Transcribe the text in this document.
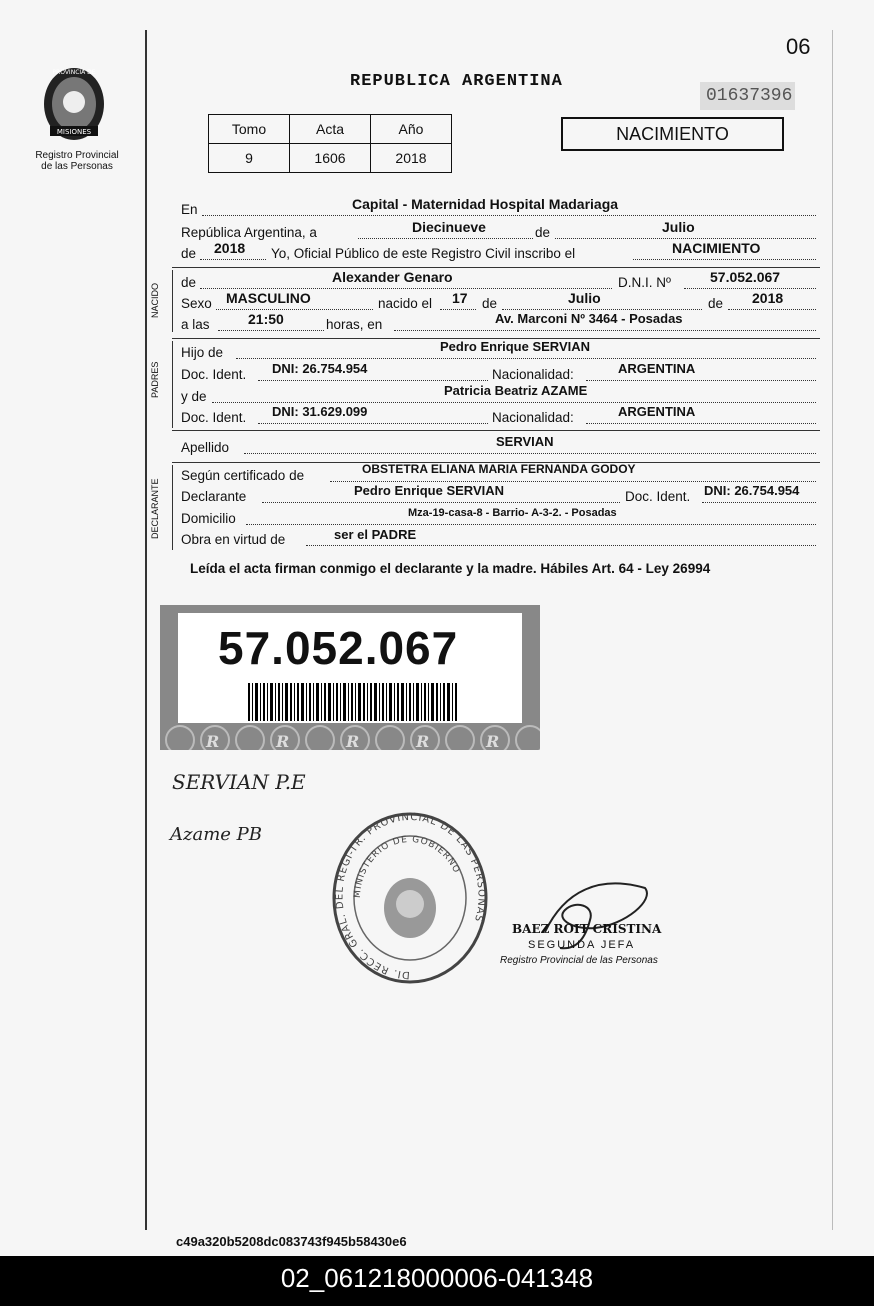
PROVINCIA DE
MISIONES
Registro Provincial
de las Personas
06
REPUBLICA ARGENTINA
01637396
Tomo	Acta	Año
9	1606	2018
NACIMIENTO
En	Capital - Maternidad Hospital Madariaga
República Argentina, a	Diecinueve	de	Julio
de 2018 Yo, Oficial Público de este Registro Civil inscribo el	NACIMIENTO
NACIDO	de	Alexander Genaro	D.N.I. Nº	57.052.067
Sexo MASCULINO	nacido el 17 de	Julio	de 2018
a las	21:50	horas, en	Av. Marconi Nº 3464 - Posadas
PADRES
Hijo de	Pedro Enrique SERVIAN
Doc. Ident. DNI: 26.754.954	Nacionalidad:	ARGENTINA
y de	Patricia Beatriz AZAME
Doc. Ident. DNI: 31.629.099	Nacionalidad:	ARGENTINA
Apellido	SERVIAN
DECLARANTE
Según certificado de	OBSTETRA ELIANA MARIA FERNANDA GODOY
Declarante	Pedro Enrique SERVIAN	Doc. Ident. DNI: 26.754.954
Domicilio	Mza-19-casa-8 - Barrio- A-3-2. - Posadas
Obra en virtud de	ser el PADRE
Leída el acta firman conmigo el declarante y la madre. Hábiles Art. 64 - Ley 26994
R	R	R	R	R
57.052.067
SERVIAN P.E
Azame PB
DI. RECC. GRAL. DEL REGI-TR. PROVINCIAL DE LAS PERSONAS
MINISTERIO DE GOBIERNO
BAEZ ROIT CRISTINA
SEGUNDA JEFA
Registro Provincial de las Personas
c49a320b5208dc083743f945b58430e6
02_061218000006-041348
